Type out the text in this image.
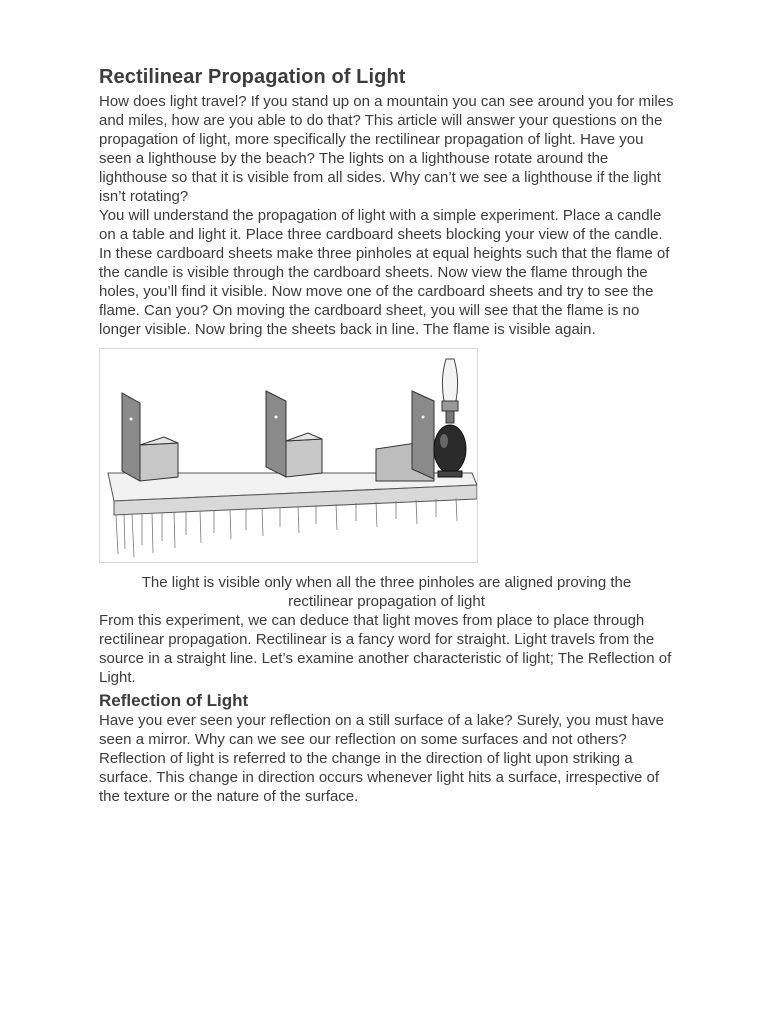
Rectilinear Propagation of Light

How does light travel? If you stand up on a mountain you can see around you for miles and miles, how are you able to do that? This article will answer your questions on the propagation of light, more specifically the rectilinear propagation of light. Have you seen a lighthouse by the beach? The lights on a lighthouse rotate around the lighthouse so that it is visible from all sides. Why can’t we see a lighthouse if the light isn’t rotating?

You will understand the propagation of light with a simple experiment. Place a candle on a table and light it. Place three cardboard sheets blocking your view of the candle. In these cardboard sheets make three pinholes at equal heights such that the flame of the candle is visible through the cardboard sheets. Now view the flame through the holes, you’ll find it visible. Now move one of the cardboard sheets and try to see the flame. Can you? On moving the cardboard sheet, you will see that the flame is no longer visible. Now bring the sheets back in line. The flame is visible again.

The light is visible only when all the three pinholes are aligned proving the rectilinear propagation of light

From this experiment, we can deduce that light moves from place to place through rectilinear propagation. Rectilinear is a fancy word for straight. Light travels from the source in a straight line. Let’s examine another characteristic of light; The Reflection of Light.

Reflection of Light

Have you ever seen your reflection on a still surface of a lake? Surely, you must have seen a mirror. Why can we see our reflection on some surfaces and not others? Reflection of light is referred to the change in the direction of light upon striking a surface. This change in direction occurs whenever light hits a surface, irrespective of the texture or the nature of the surface.
